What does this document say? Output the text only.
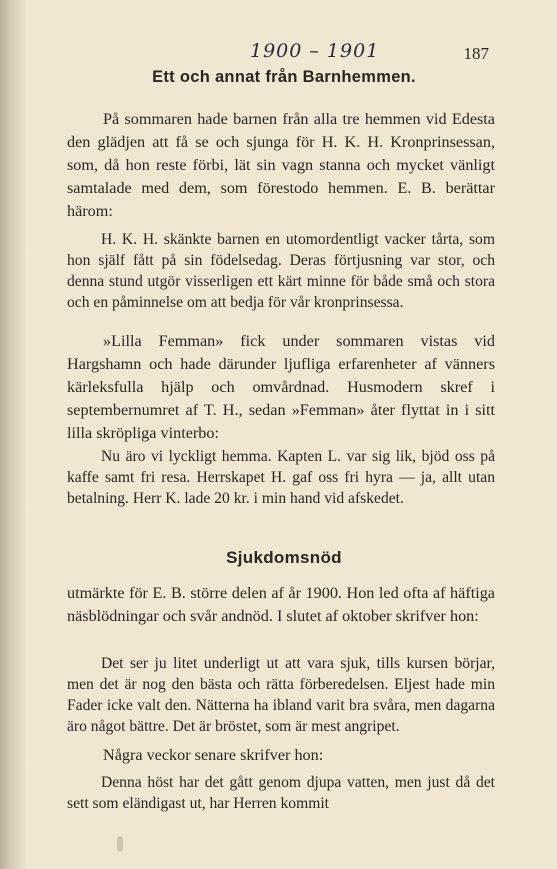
1900 – 1901	187
Ett och annat från Barnhemmen.
På sommaren hade barnen från alla tre hemmen vid Edesta den glädjen att få se och sjunga för H. K. H. Kronprinsessan, som, då hon reste förbi, lät sin vagn stanna och mycket vänligt samtalade med dem, som förestodo hemmen. E. B. berättar härom:
H. K. H. skänkte barnen en utomordentligt vacker tårta, som hon själf fått på sin födelsedag. Deras förtjusning var stor, och denna stund utgör visserligen ett kärt minne för både små och stora och en påminnelse om att bedja för vår kronprinsessa.
»Lilla Femman» fick under sommaren vistas vid Hargshamn och hade därunder ljufliga erfarenheter af vänners kärleksfulla hjälp och omvårdnad. Husmodern skref i septembernumret af T. H., sedan »Femman» åter flyttat in i sitt lilla skröpliga vinterbo:
Nu äro vi lyckligt hemma. Kapten L. var sig lik, bjöd oss på kaffe samt fri resa. Herrskapet H. gaf oss fri hyra — ja, allt utan betalning. Herr K. lade 20 kr. i min hand vid afskedet.
Sjukdomsnöd
utmärkte för E. B. större delen af år 1900. Hon led ofta af häftiga näsblödningar och svår andnöd. I slutet af oktober skrifver hon:
Det ser ju litet underligt ut att vara sjuk, tills kursen börjar, men det är nog den bästa och rätta förberedelsen. Eljest hade min Fader icke valt den. Nätterna ha ibland varit bra svåra, men dagarna äro något bättre. Det är bröstet, som är mest angripet.
Några veckor senare skrifver hon:
Denna höst har det gått genom djupa vatten, men just då det sett som eländigast ut, har Herren kommit
